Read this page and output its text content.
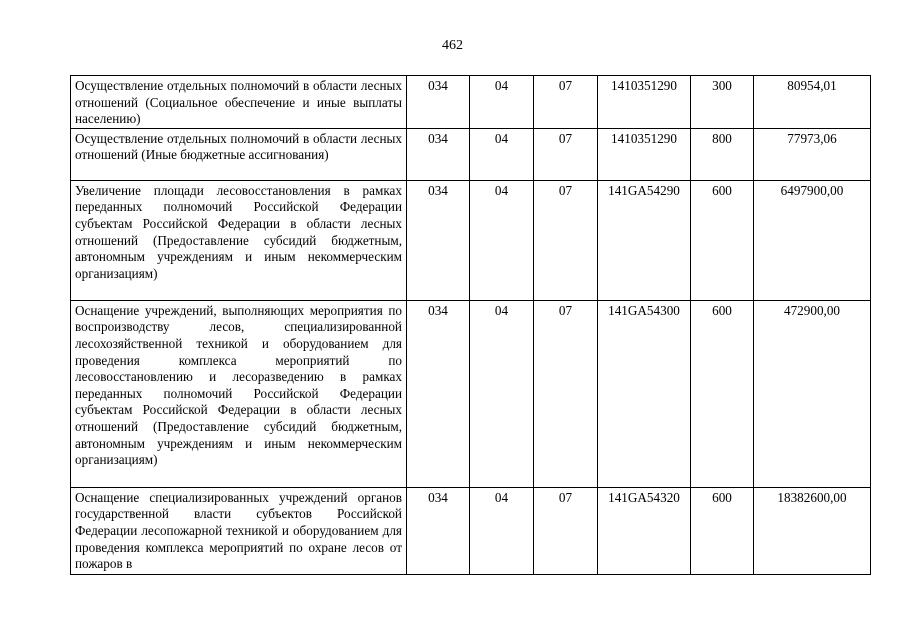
462
Осуществление отдельных полномочий в области лесных отношений (Социальное обеспечение и иные выплаты населению)	034	04	07	1410351290	300	80954,01
Осуществление отдельных полномочий в области лесных отношений (Иные бюджетные ассигнования)	034	04	07	1410351290	800	77973,06
Увеличение площади лесовосстановления в рамках переданных полномочий Российской Федерации субъектам Российской Федерации в области лесных отношений (Предоставление субсидий бюджетным, автономным учреждениям и иным некоммерческим организациям)	034	04	07	141GA54290	600	6497900,00
Оснащение учреждений, выполняющих мероприятия по воспроизводству лесов, специализированной лесохозяйственной техникой и оборудованием для проведения комплекса мероприятий по лесовосстановлению и лесоразведению в рамках переданных полномочий Российской Федерации субъектам Российской Федерации в области лесных отношений (Предоставление субсидий бюджетным, автономным учреждениям и иным некоммерческим организациям)	034	04	07	141GA54300	600	472900,00
Оснащение специализированных учреждений органов государственной власти субъектов Российской Федерации лесопожарной техникой и оборудованием для проведения комплекса мероприятий по охране лесов от пожаров в	034	04	07	141GA54320	600	18382600,00
